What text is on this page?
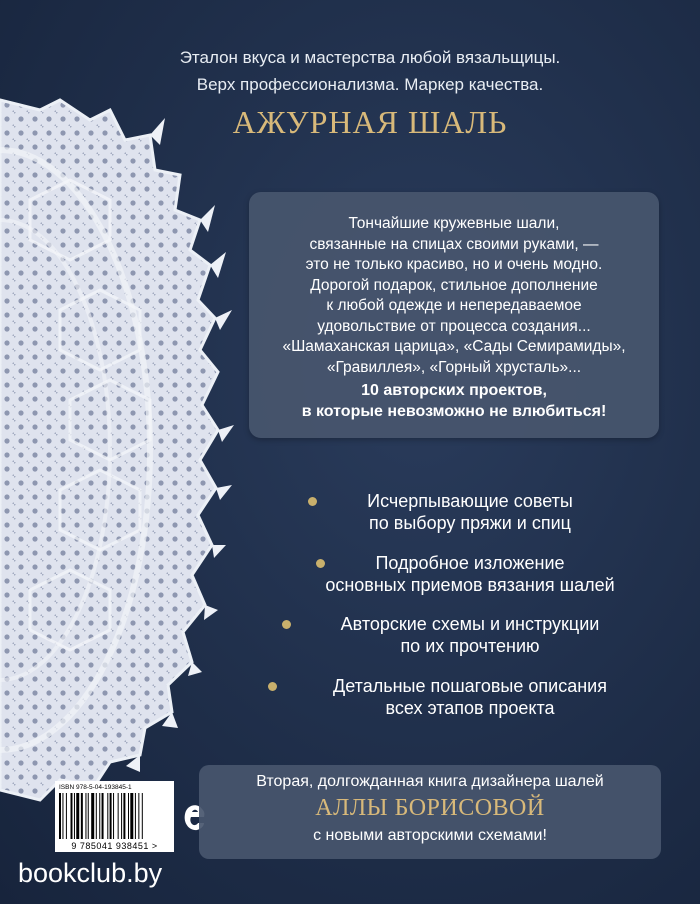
Эталон вкуса и мастерства любой вязальщицы.
Верх профессионализма. Маркер качества.
АЖУРНАЯ ШАЛЬ
Тончайшие кружевные шали,
связанные на спицах своими руками, —
это не только красиво, но и очень модно.
Дорогой подарок, стильное дополнение
к любой одежде и непередаваемое
удовольствие от процесса создания...
«Шамаханская царица», «Сады Семирамиды»,
«Гравиллея», «Горный хрусталь»...
10 авторских проектов,
в которые невозможно не влюбиться!
Исчерпывающие советы
по выбору пряжи и спиц
Подробное изложение
основных приемов вязания шалей
Авторские схемы и инструкции
по их прочтению
Детальные пошаговые описания
всех этапов проекта
ISBN 978-5-04-193845-1
9 785041 938451 >
Вторая, долгожданная книга дизайнера шалей
АЛЛЫ БОРИСОВОЙ
с новыми авторскими схемами!
bookclub.by
